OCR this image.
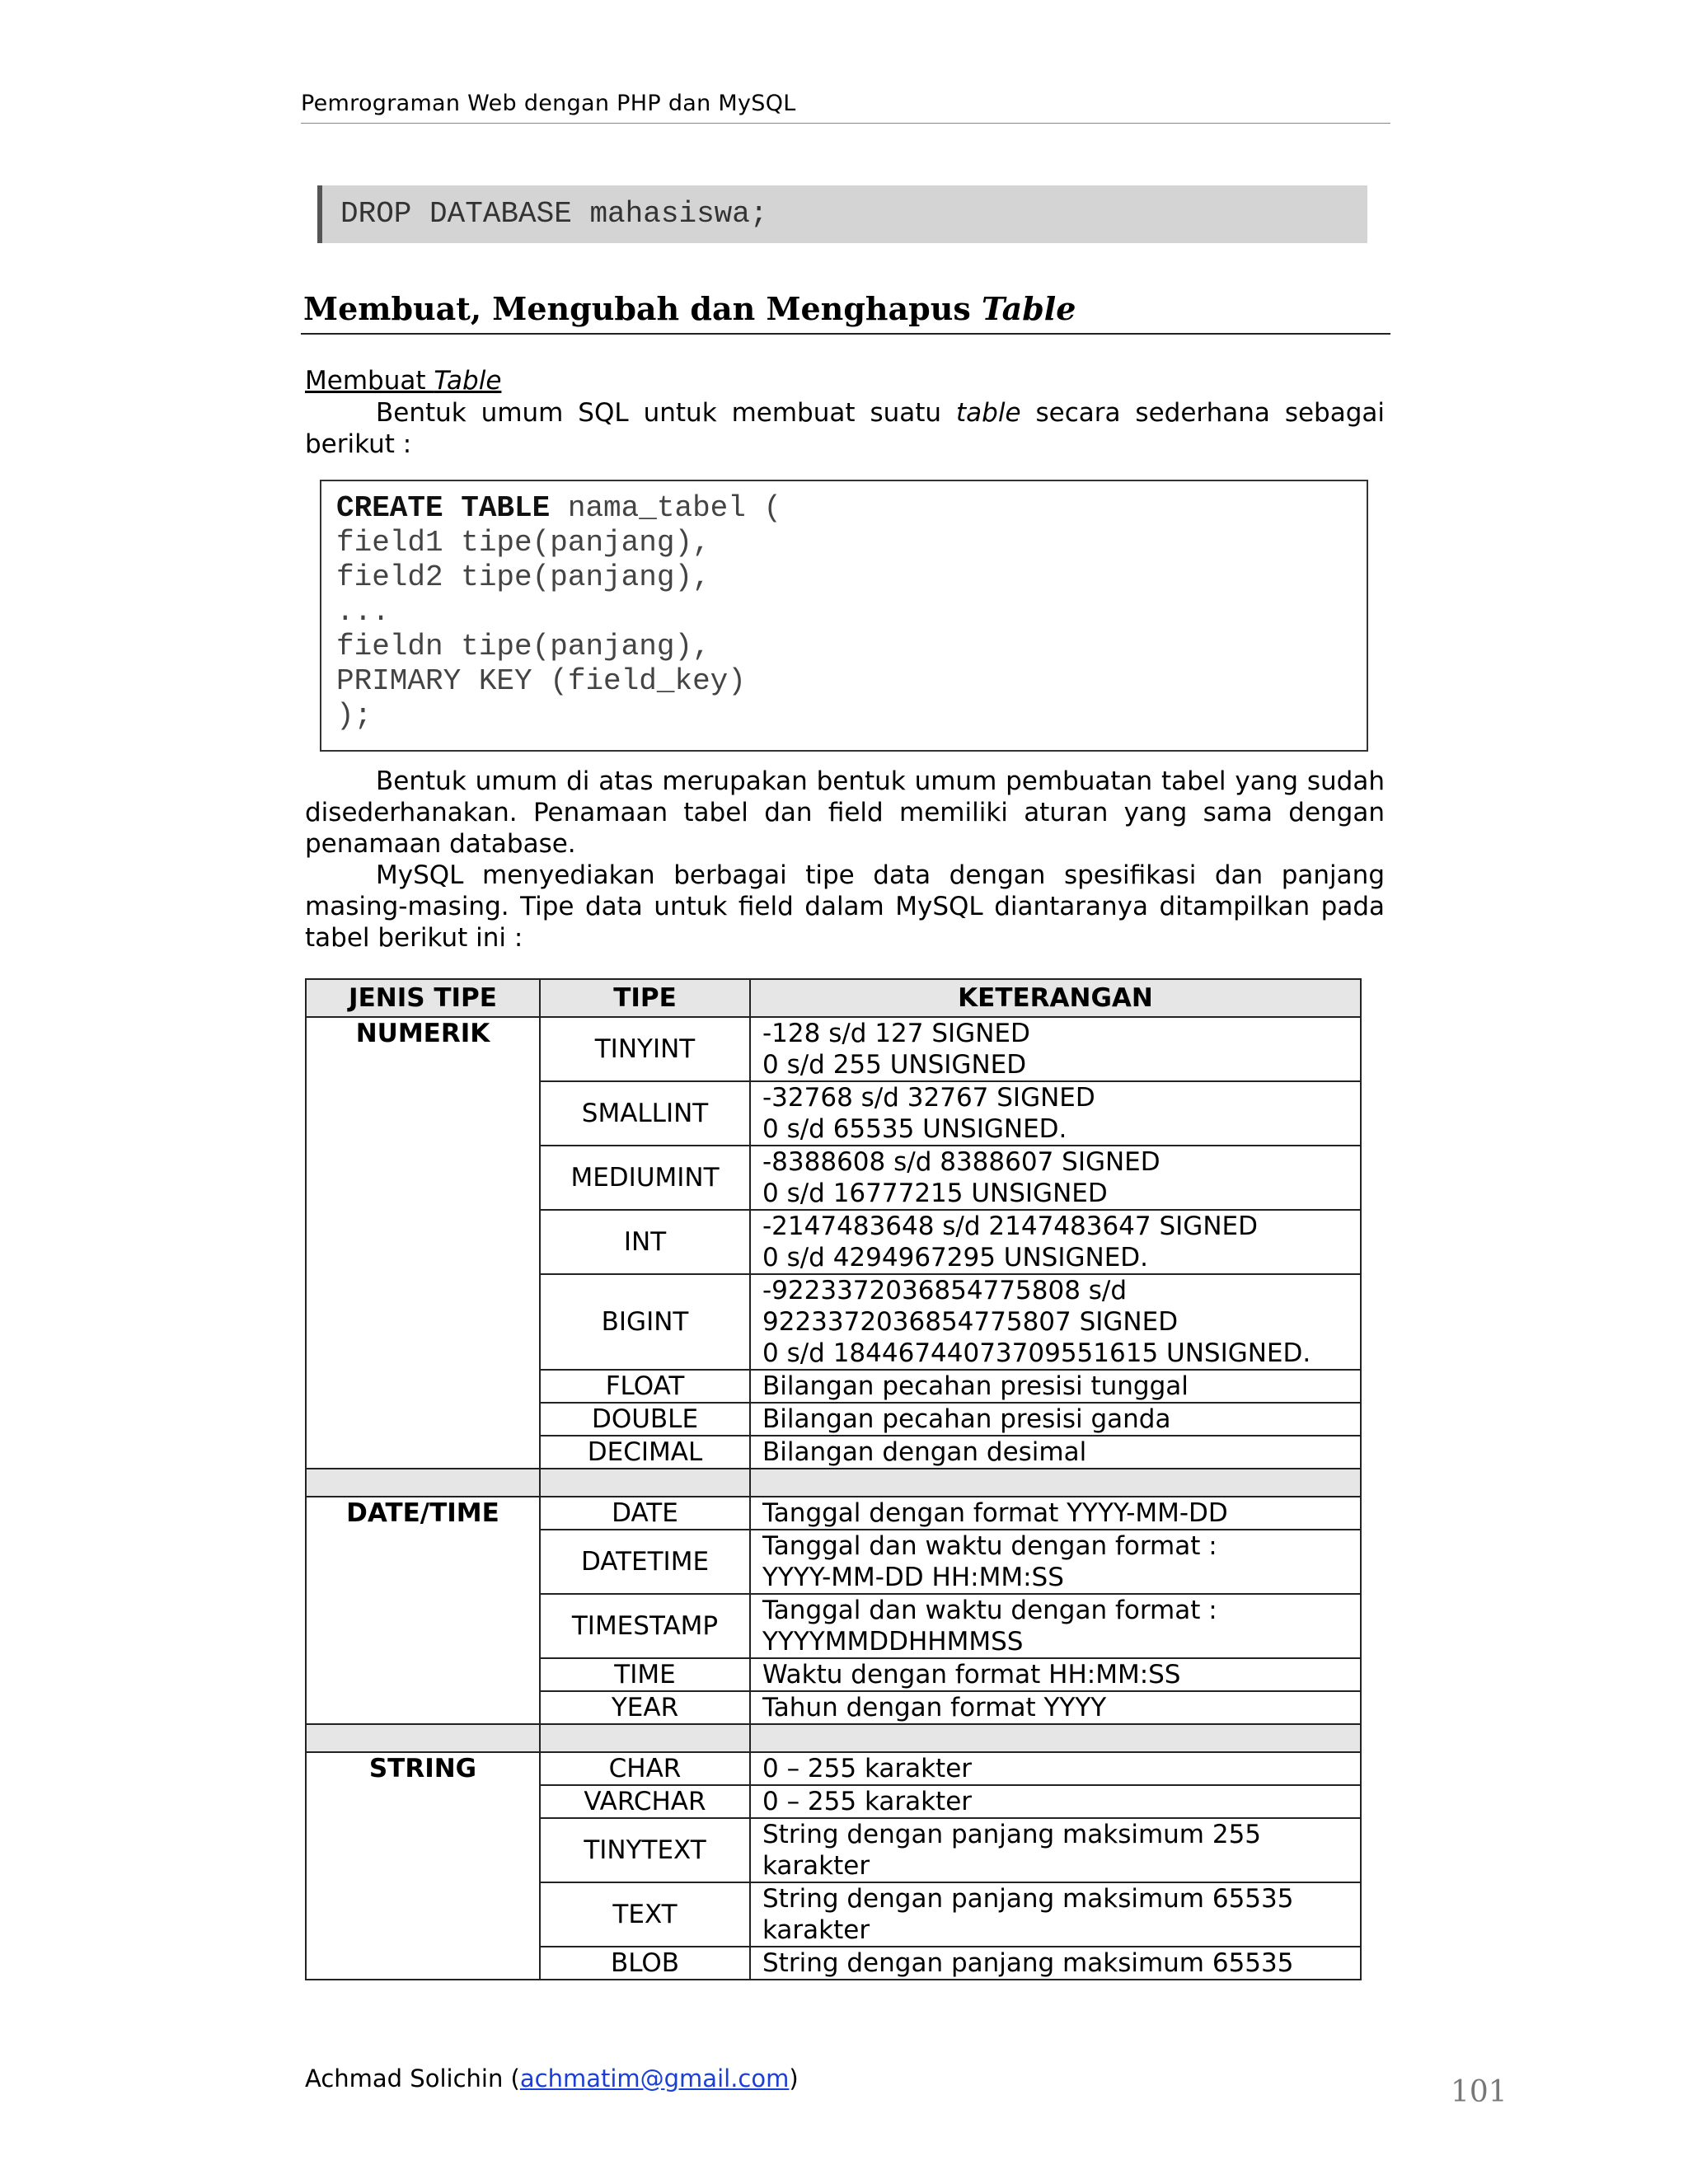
Pemrograman Web dengan PHP dan MySQL
DROP DATABASE mahasiswa;
Membuat, Mengubah dan Menghapus Table
Membuat Table

Bentuk umum SQL untuk membuat suatu table secara sederhana sebagai berikut :

CREATE TABLE nama_tabel (
field1 tipe(panjang),
field2 tipe(panjang),
...
fieldn tipe(panjang),
PRIMARY KEY (field_key)
);

Bentuk umum di atas merupakan bentuk umum pembuatan tabel yang sudah disederhanakan. Penamaan tabel dan field memiliki aturan yang sama dengan penamaan database.

MySQL menyediakan berbagai tipe data dengan spesifikasi dan panjang masing-masing. Tipe data untuk field dalam MySQL diantaranya ditampilkan pada tabel berikut ini :

JENIS TIPE	TIPE	KETERANGAN
NUMERIK	TINYINT	-128 s/d 127 SIGNED
0 s/d 255 UNSIGNED

	SMALLINT	-32768 s/d 32767 SIGNED
0 s/d 65535 UNSIGNED.

	MEDIUMINT	-8388608 s/d 8388607 SIGNED
0 s/d 16777215 UNSIGNED

	INT	-2147483648 s/d 2147483647 SIGNED
0 s/d 4294967295 UNSIGNED.

	BIGINT	-9223372036854775808 s/d
9223372036854775807 SIGNED
0 s/d 18446744073709551615 UNSIGNED.

	FLOAT	Bilangan pecahan presisi tunggal
	DOUBLE	Bilangan pecahan presisi ganda
	DECIMAL	Bilangan dengan desimal

DATE/TIME	DATE	Tanggal dengan format YYYY-MM-DD
	DATETIME	Tanggal dan waktu dengan format :
YYYY-MM-DD HH:MM:SS

	TIMESTAMP	Tanggal dan waktu dengan format :
YYYYMMDDHHMMSS

	TIME	Waktu dengan format HH:MM:SS
	YEAR	Tahun dengan format YYYY

STRING	CHAR	0 – 255 karakter
	VARCHAR	0 – 255 karakter
	TINYTEXT	String dengan panjang maksimum 255
karakter

	TEXT	String dengan panjang maksimum 65535
karakter

	BLOB	String dengan panjang maksimum 65535
Achmad Solichin (achmatim@gmail.com)	101
